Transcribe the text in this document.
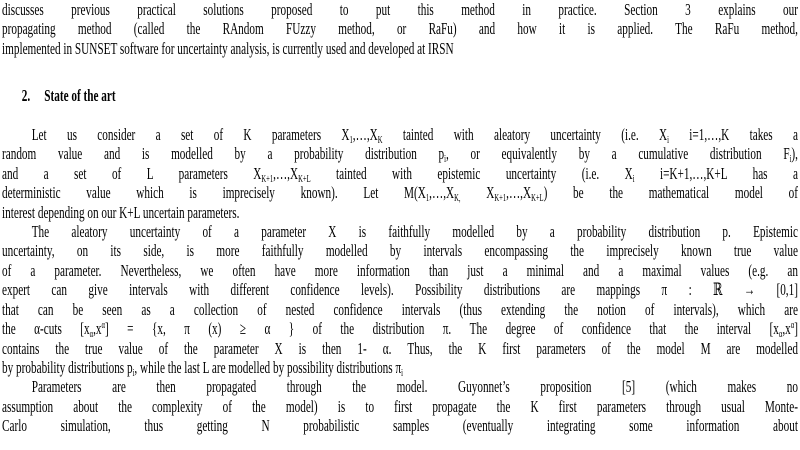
discusses previous practical solutions proposed to put this method in practice. Section 3 explains our
propagating method (called the RAndom FUzzy method, or RaFu) and how it is applied. The RaFu method,
implemented in SUNSET software for uncertainty analysis, is currently used and developed at IRSN
2. State of the art
Let us consider a set of K parameters $X_1,\dots,X_K$ tainted with aleatory uncertainty (i.e. $X_i$ i=1,…,K takes a
random value and is modelled by a probability distribution $p_i$, or equivalently by a cumulative distribution $F_i$),
and a set of L parameters $X_{K+1},\dots,X_{K+L}$ tainted with epistemic uncertainty (i.e. $X_i$ i=K+1,…,K+L has a
deterministic value which is imprecisely known). Let $M(X_1,\dots,X_{K,}$ $X_{K+1},\dots,X_{K+L}$) be the mathematical model of
interest depending on our K+L uncertain parameters.
The aleatory uncertainty of a parameter X is faithfully modelled by a probability distribution p. Epistemic
uncertainty, on its side, is more faithfully modelled by intervals encompassing the imprecisely known true value
of a parameter. Nevertheless, we often have more information than just a minimal and a maximal values (e.g. an
expert can give intervals with different confidence levels). Possibility distributions are mappings π : ℝ → [0,1]
that can be seen as a collection of nested confidence intervals (thus extending the notion of intervals), which are
the α-cuts $[x_\alpha,x^\alpha] = \{x$, π (x) ≥ α } of the distribution π. The degree of confidence that the interval $[x_\alpha,x^\alpha]$
contains the true value of the parameter X is then 1- α. Thus, the K first parameters of the model M are modelled
by probability distributions $p_i$, while the last L are modelled by possibility distributions $\pi_i$
Parameters are then propagated through the model. Guyonnet’s proposition [5] (which makes no
assumption about the complexity of the model) is to first propagate the K first parameters through usual Monte-
Carlo simulation, thus getting N probabilistic samples (eventually integrating some information about
